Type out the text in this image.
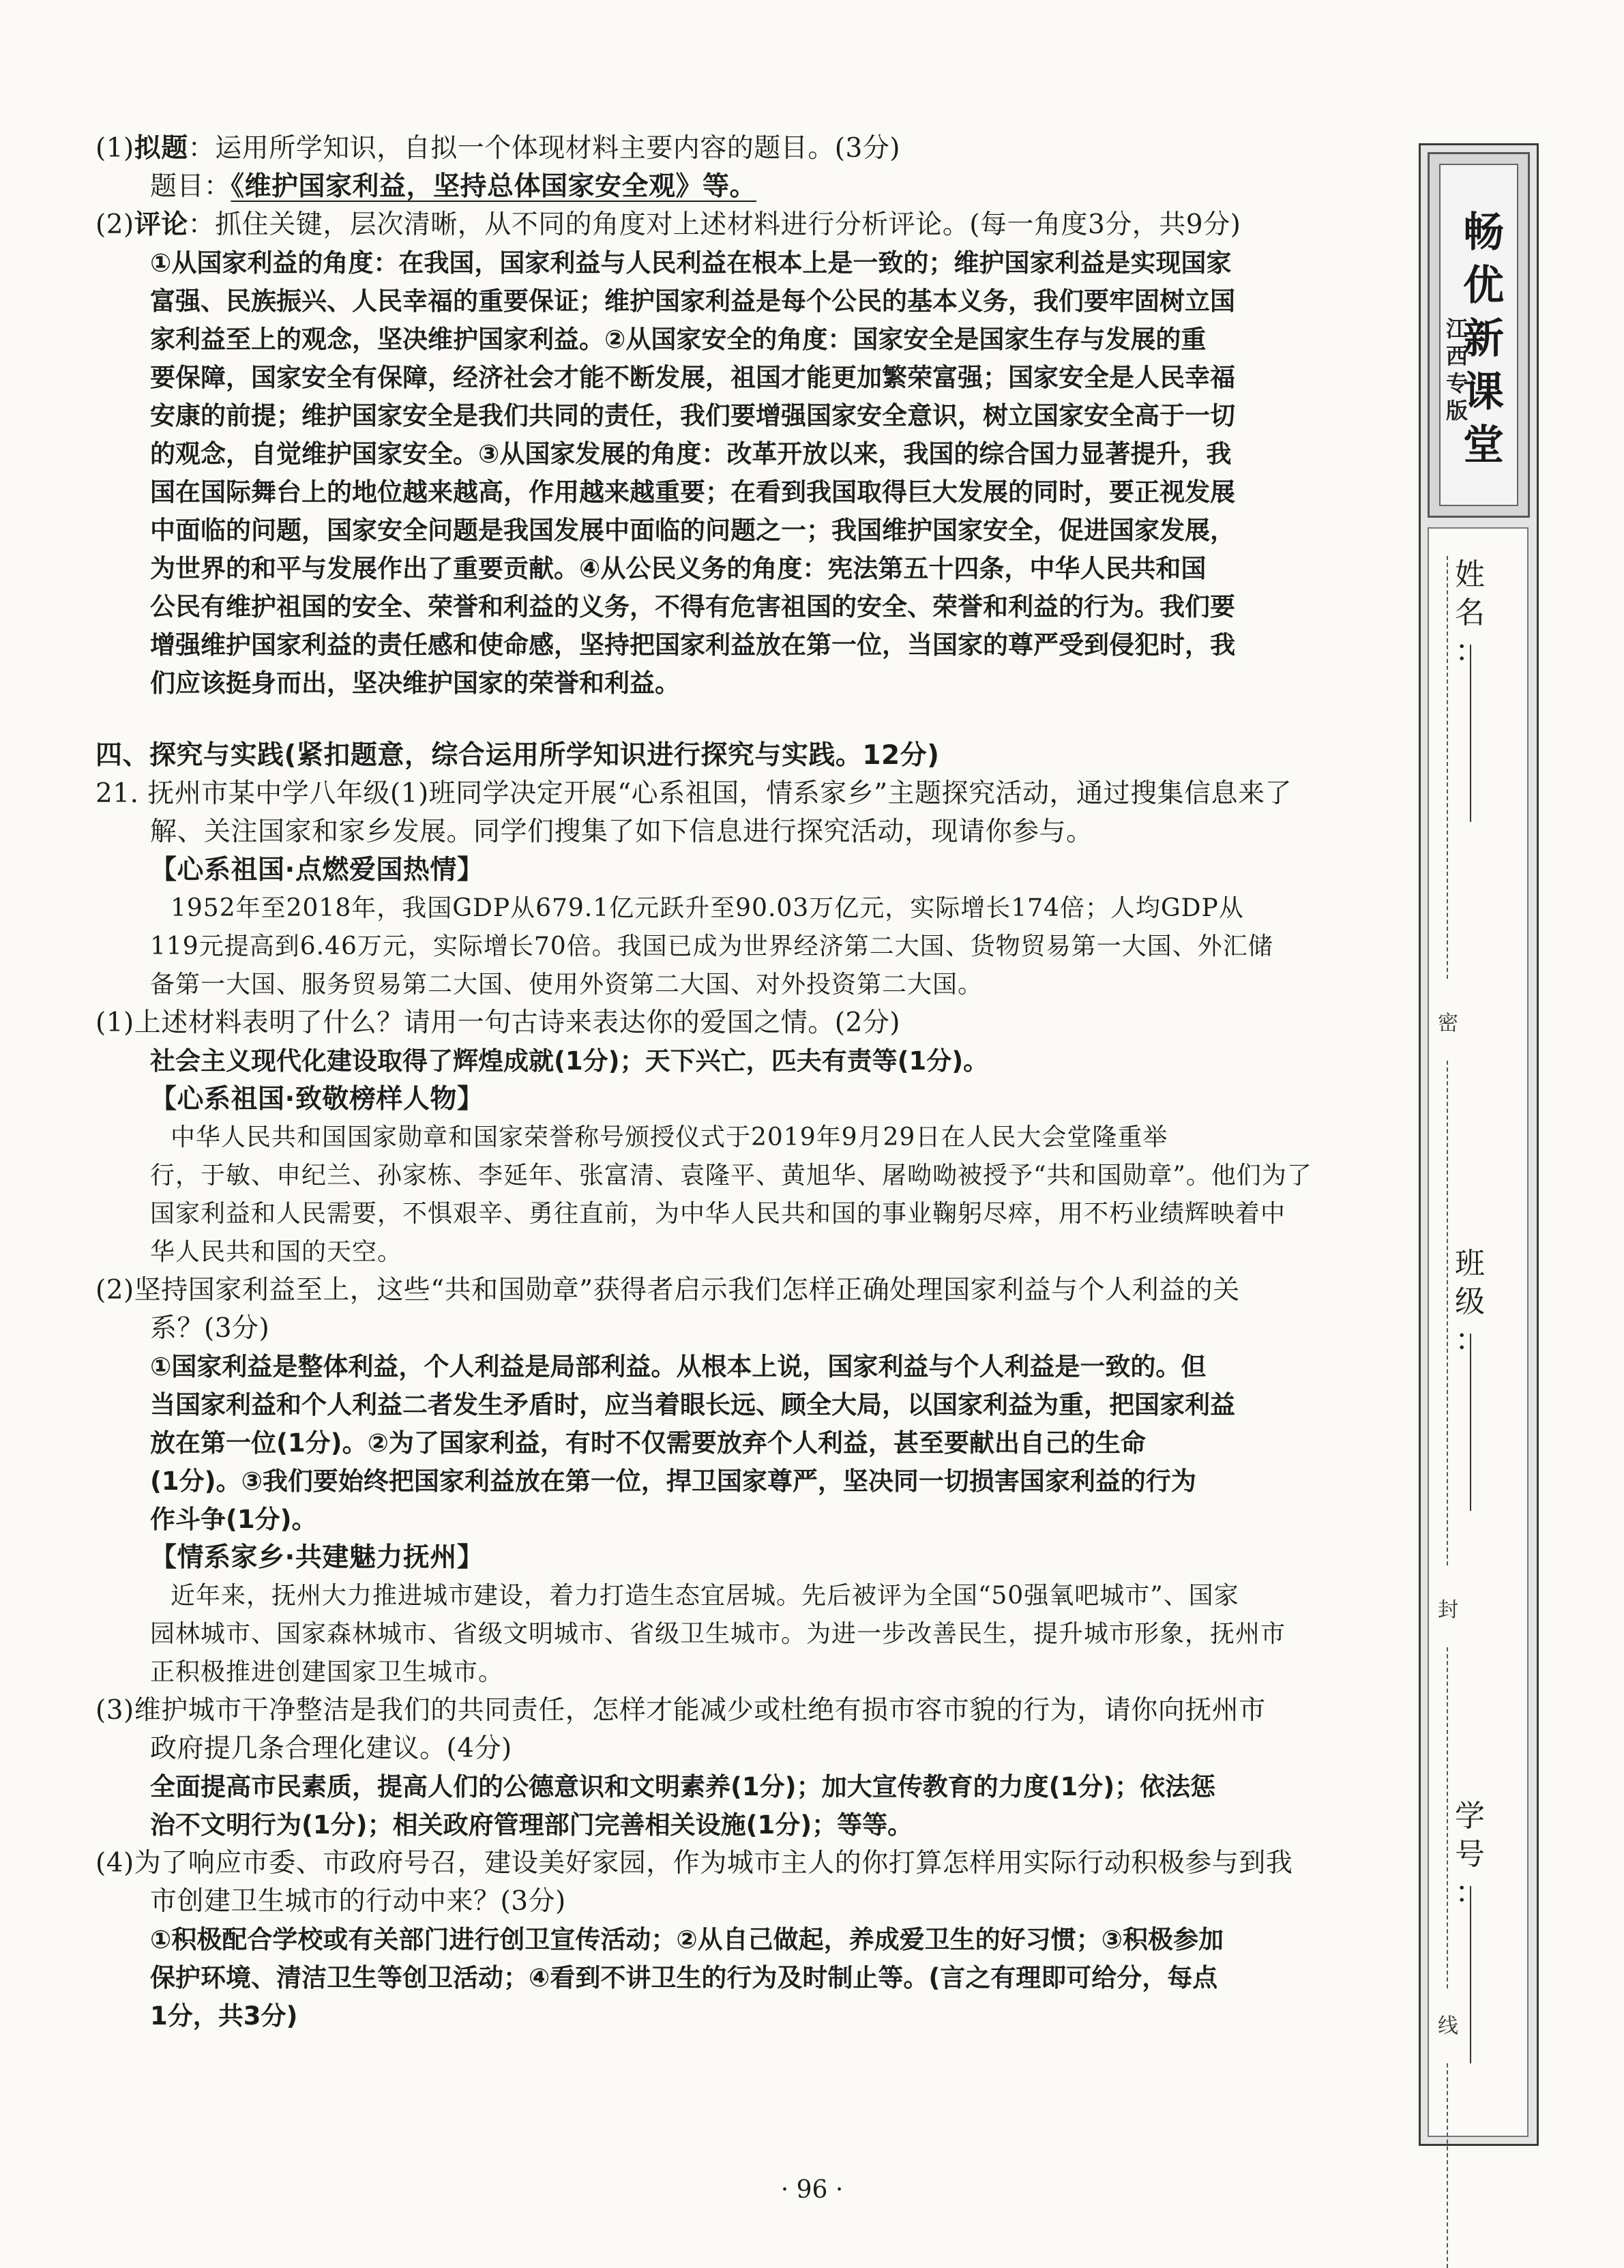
(1)拟题：运用所学知识，自拟一个体现材料主要内容的题目。(3分)
题目：《维护国家利益，坚持总体国家安全观》等。
(2)评论：抓住关键，层次清晰，从不同的角度对上述材料进行分析评论。(每一角度3分，共9分)
①从国家利益的角度：在我国，国家利益与人民利益在根本上是一致的；维护国家利益是实现国家
富强、民族振兴、人民幸福的重要保证；维护国家利益是每个公民的基本义务，我们要牢固树立国
家利益至上的观念，坚决维护国家利益。②从国家安全的角度：国家安全是国家生存与发展的重
要保障，国家安全有保障，经济社会才能不断发展，祖国才能更加繁荣富强；国家安全是人民幸福
安康的前提；维护国家安全是我们共同的责任，我们要增强国家安全意识，树立国家安全高于一切
的观念，自觉维护国家安全。③从国家发展的角度：改革开放以来，我国的综合国力显著提升，我
国在国际舞台上的地位越来越高，作用越来越重要；在看到我国取得巨大发展的同时，要正视发展
中面临的问题，国家安全问题是我国发展中面临的问题之一；我国维护国家安全，促进国家发展，
为世界的和平与发展作出了重要贡献。④从公民义务的角度：宪法第五十四条，中华人民共和国
公民有维护祖国的安全、荣誉和利益的义务，不得有危害祖国的安全、荣誉和利益的行为。我们要
增强维护国家利益的责任感和使命感，坚持把国家利益放在第一位，当国家的尊严受到侵犯时，我
们应该挺身而出，坚决维护国家的荣誉和利益。
四、探究与实践(紧扣题意，综合运用所学知识进行探究与实践。12分)
21. 抚州市某中学八年级(1)班同学决定开展“心系祖国，情系家乡”主题探究活动，通过搜集信息来了
解、关注国家和家乡发展。同学们搜集了如下信息进行探究活动，现请你参与。
【心系祖国·点燃爱国热情】
1952年至2018年，我国GDP从679.1亿元跃升至90.03万亿元，实际增长174倍；人均GDP从
119元提高到6.46万元，实际增长70倍。我国已成为世界经济第二大国、货物贸易第一大国、外汇储
备第一大国、服务贸易第二大国、使用外资第二大国、对外投资第二大国。
(1)上述材料表明了什么？请用一句古诗来表达你的爱国之情。(2分)
社会主义现代化建设取得了辉煌成就(1分)；天下兴亡，匹夫有责等(1分)。
【心系祖国·致敬榜样人物】
中华人民共和国国家勋章和国家荣誉称号颁授仪式于2019年9月29日在人民大会堂隆重举
行，于敏、申纪兰、孙家栋、李延年、张富清、袁隆平、黄旭华、屠呦呦被授予“共和国勋章”。他们为了
国家利益和人民需要，不惧艰辛、勇往直前，为中华人民共和国的事业鞠躬尽瘁，用不朽业绩辉映着中
华人民共和国的天空。
(2)坚持国家利益至上，这些“共和国勋章”获得者启示我们怎样正确处理国家利益与个人利益的关
系？(3分)
①国家利益是整体利益，个人利益是局部利益。从根本上说，国家利益与个人利益是一致的。但
当国家利益和个人利益二者发生矛盾时，应当着眼长远、顾全大局，以国家利益为重，把国家利益
放在第一位(1分)。②为了国家利益，有时不仅需要放弃个人利益，甚至要献出自己的生命
(1分)。③我们要始终把国家利益放在第一位，捍卫国家尊严，坚决同一切损害国家利益的行为
作斗争(1分)。
【情系家乡·共建魅力抚州】
近年来，抚州大力推进城市建设，着力打造生态宜居城。先后被评为全国“50强氧吧城市”、国家
园林城市、国家森林城市、省级文明城市、省级卫生城市。为进一步改善民生，提升城市形象，抚州市
正积极推进创建国家卫生城市。
(3)维护城市干净整洁是我们的共同责任，怎样才能减少或杜绝有损市容市貌的行为，请你向抚州市
政府提几条合理化建议。(4分)
全面提高市民素质，提高人们的公德意识和文明素养(1分)；加大宣传教育的力度(1分)；依法惩
治不文明行为(1分)；相关政府管理部门完善相关设施(1分)；等等。
(4)为了响应市委、市政府号召，建设美好家园，作为城市主人的你打算怎样用实际行动积极参与到我
市创建卫生城市的行动中来？(3分)
①积极配合学校或有关部门进行创卫宣传活动；②从自己做起，养成爱卫生的好习惯；③积极参加
保护环境、清洁卫生等创卫活动；④看到不讲卫生的行为及时制止等。(言之有理即可给分，每点
1分，共3分)
· 96 ·
畅
优
新
课
堂
江
西
专
版
姓
名
：
密
班
级
：
封
学
号
：
线
